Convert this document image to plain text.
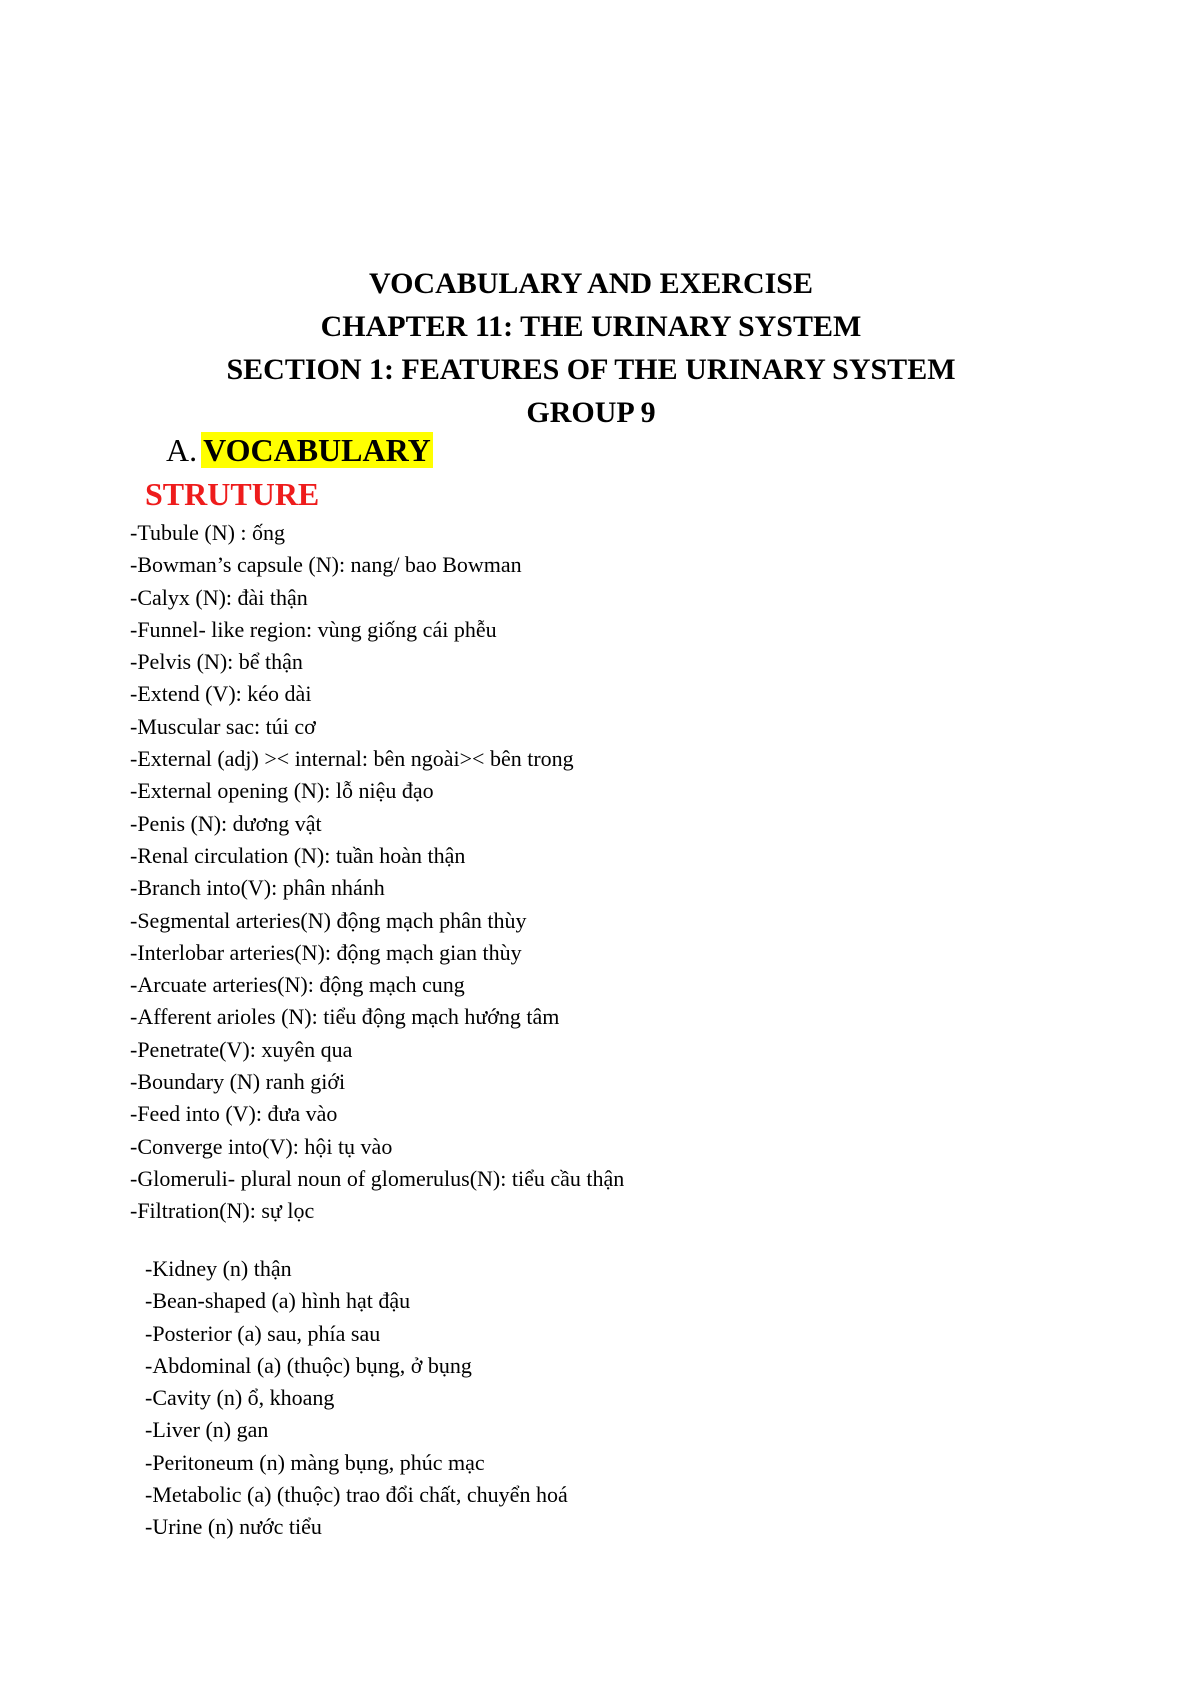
VOCABULARY AND EXERCISE
CHAPTER 11: THE URINARY SYSTEM
SECTION 1: FEATURES OF THE URINARY SYSTEM
GROUP 9
A. VOCABULARY
STRUTURE
-Tubule (N) : ống
-Bowman’s capsule (N): nang/ bao Bowman
-Calyx (N): đài thận
-Funnel- like region: vùng giống cái phễu
-Pelvis (N): bể thận
-Extend (V): kéo dài
-Muscular sac: túi cơ
-External (adj) >< internal: bên ngoài>< bên trong
-External opening (N): lỗ niệu đạo
-Penis (N): dương vật
-Renal circulation (N): tuần hoàn thận
-Branch into(V): phân nhánh
-Segmental arteries(N) động mạch phân thùy
-Interlobar arteries(N): động mạch gian thùy
-Arcuate arteries(N): động mạch cung
-Afferent arioles (N): tiểu động mạch hướng tâm
-Penetrate(V): xuyên qua
-Boundary (N) ranh giới
-Feed into (V): đưa vào
-Converge into(V): hội tụ vào
-Glomeruli- plural noun of glomerulus(N): tiểu cầu thận
-Filtration(N): sự lọc
-Kidney (n) thận
-Bean-shaped (a) hình hạt đậu
-Posterior (a) sau, phía sau
-Abdominal (a) (thuộc) bụng, ở bụng
-Cavity (n) ổ, khoang
-Liver (n) gan
-Peritoneum (n) màng bụng, phúc mạc
-Metabolic (a) (thuộc) trao đổi chất, chuyển hoá
-Urine (n) nước tiểu
